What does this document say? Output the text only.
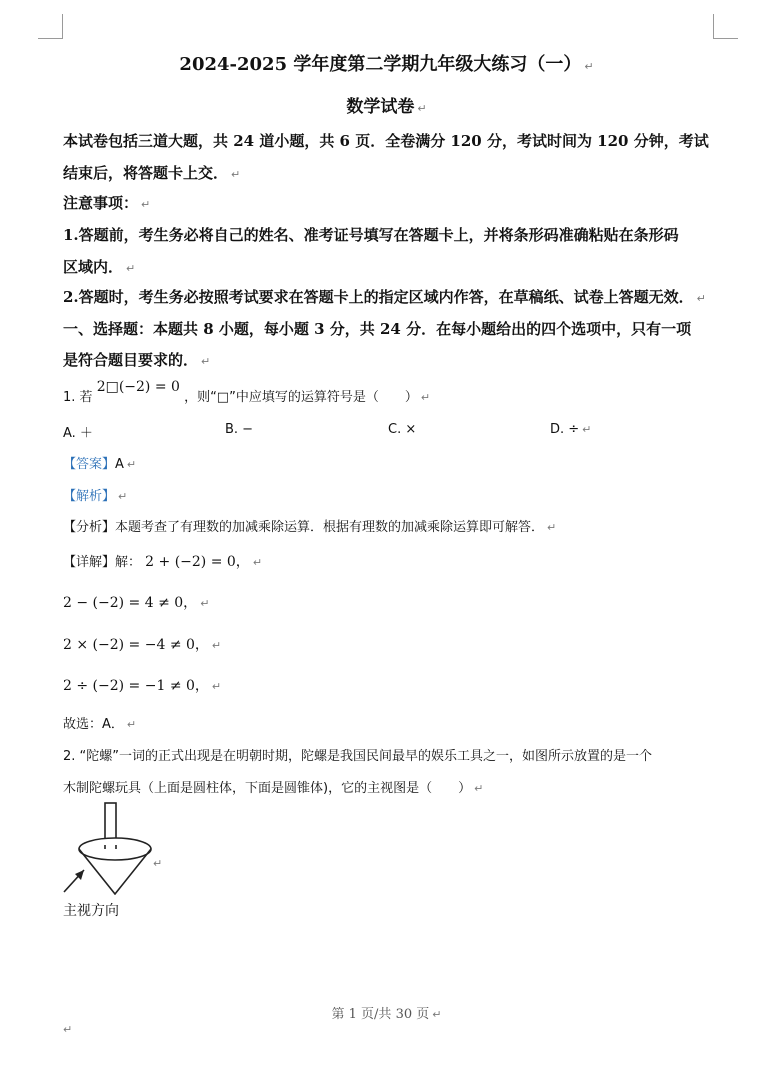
2024-2025 学年度第二学期九年级大练习（一） ↵
数学试卷 ↵
本试卷包括三道大题，共 24 道小题，共 6 页．全卷满分 120 分，考试时间为 120 分钟，考试
结束后，将答题卡上交． ↵
注意事项： ↵
1.答题前，考生务必将自己的姓名、准考证号填写在答题卡上，并将条形码准确粘贴在条形码
区域内． ↵
2.答题时，考生务必按照考试要求在答题卡上的指定区域内作答，在草稿纸、试卷上答题无效． ↵
一、选择题：本题共 8 小题，每小题 3 分，共 24 分．在每小题给出的四个选项中，只有一项
是符合题目要求的． ↵
1. 若 2□(−2) = 0 ，则“□”中应填写的运算符号是（　　） ↵
A. ＋	B. −	C. ×	D. ÷ ↵
【答案】A ↵
【解析】 ↵
【分析】本题考查了有理数的加减乘除运算．根据有理数的加减乘除运算即可解答． ↵
【详解】解： 2 + (−2) = 0， ↵
2 − (−2) = 4 ≠ 0， ↵
2 × (−2) = −4 ≠ 0， ↵
2 ÷ (−2) = −1 ≠ 0， ↵
故选：A． ↵
2. “陀螺”一词的正式出现是在明朝时期，陀螺是我国民间最早的娱乐工具之一，如图所示放置的是一个
木制陀螺玩具（上面是圆柱体，下面是圆锥体)，它的主视图是（　　） ↵
↵
主视方向
第 1 页/共 30 页 ↵
↵
